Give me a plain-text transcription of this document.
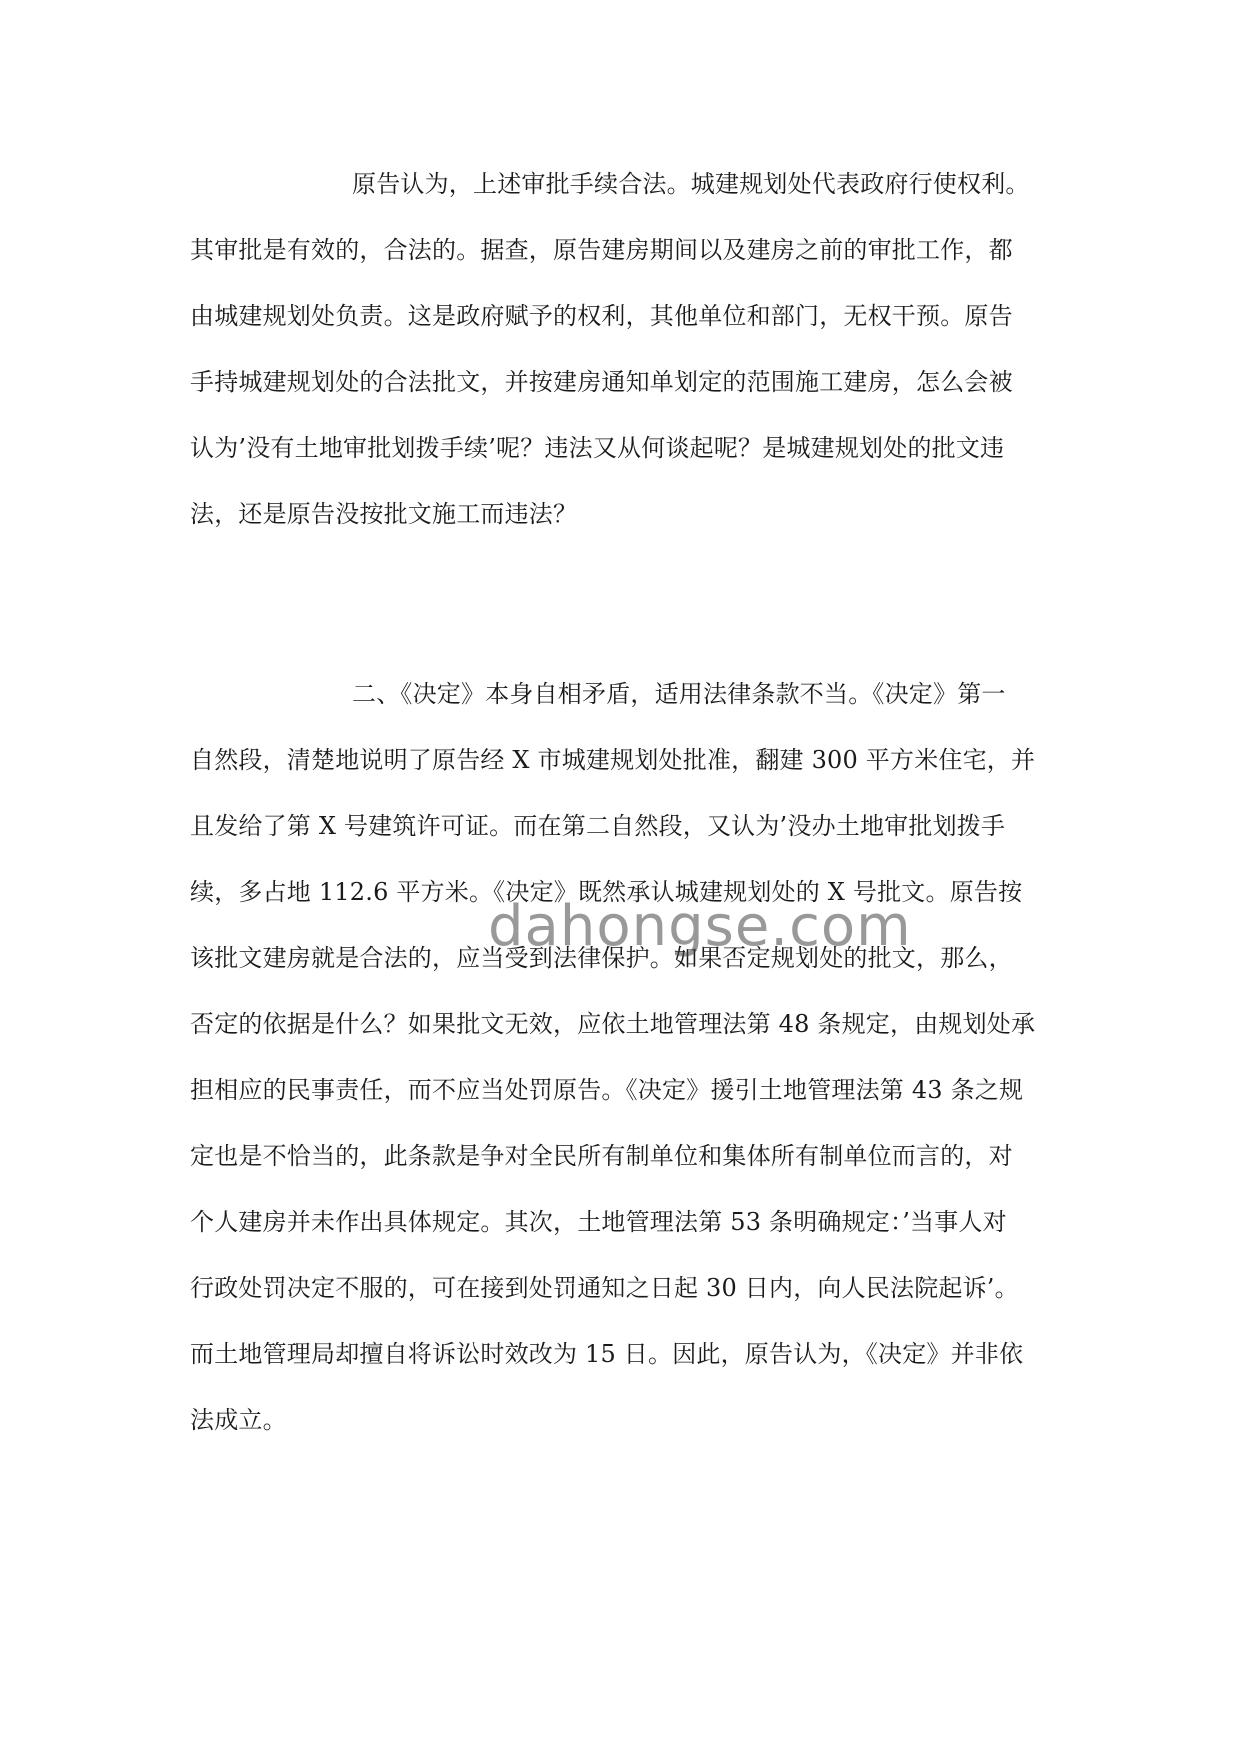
原告认为，上述审批手续合法。城建规划处代表政府行使权利。
其审批是有效的，合法的。据查，原告建房期间以及建房之前的审批工作，都
由城建规划处负责。这是政府赋予的权利，其他单位和部门，无权干预。原告
手持城建规划处的合法批文，并按建房通知单划定的范围施工建房，怎么会被
认为’没有土地审批划拨手续’呢？违法又从何谈起呢？是城建规划处的批文违
法，还是原告没按批文施工而违法？
二、《决定》本身自相矛盾，适用法律条款不当。《决定》第一
自然段，清楚地说明了原告经 X 市城建规划处批准，翻建 300 平方米住宅，并
且发给了第 X 号建筑许可证。而在第二自然段，又认为’没办土地审批划拨手
续，多占地 112.6 平方米。《决定》既然承认城建规划处的 X 号批文。原告按
该批文建房就是合法的，应当受到法律保护。如果否定规划处的批文，那么，
否定的依据是什么？如果批文无效，应依土地管理法第 48 条规定，由规划处承
担相应的民事责任，而不应当处罚原告。《决定》援引土地管理法第 43 条之规
定也是不恰当的，此条款是争对全民所有制单位和集体所有制单位而言的，对
个人建房并未作出具体规定。其次，土地管理法第 53 条明确规定：’当事人对
行政处罚决定不服的，可在接到处罚通知之日起 30 日内，向人民法院起诉’。
而土地管理局却擅自将诉讼时效改为 15 日。因此，原告认为，《决定》并非依
法成立。
dahongse.com
